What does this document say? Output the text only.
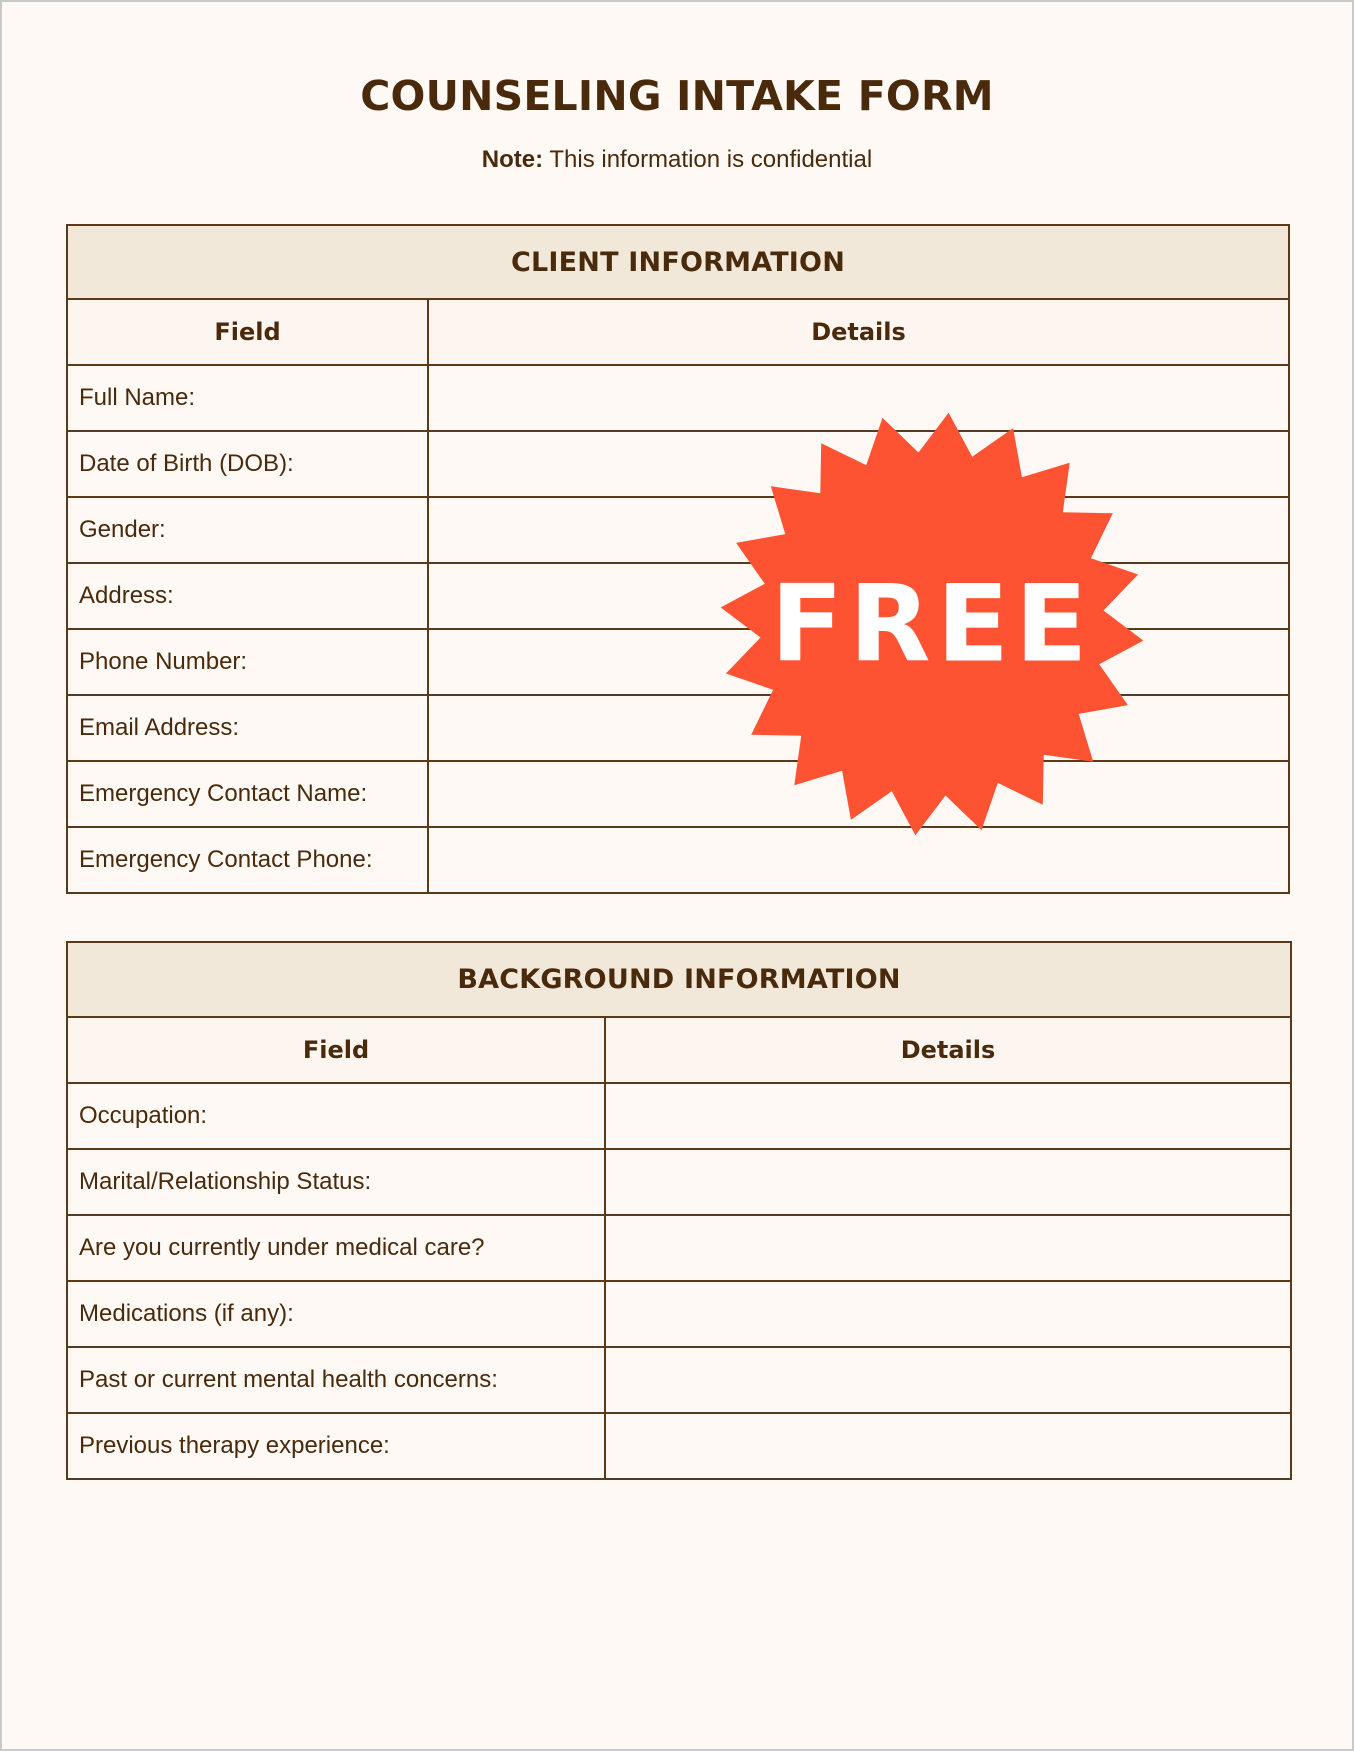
COUNSELING INTAKE FORM
Note: This information is confidential
CLIENT INFORMATION	
Field	Details
Full Name:	
Date of Birth (DOB):	
Gender:	
Address:	
Phone Number:	
Email Address:	
Emergency Contact Name:	
Emergency Contact Phone:	
BACKGROUND INFORMATION	
Field	Details
Occupation:	
Marital/Relationship Status:	
Are you currently under medical care?	
Medications (if any):	
Past or current mental health concerns:	
Previous therapy experience:	
FREE
